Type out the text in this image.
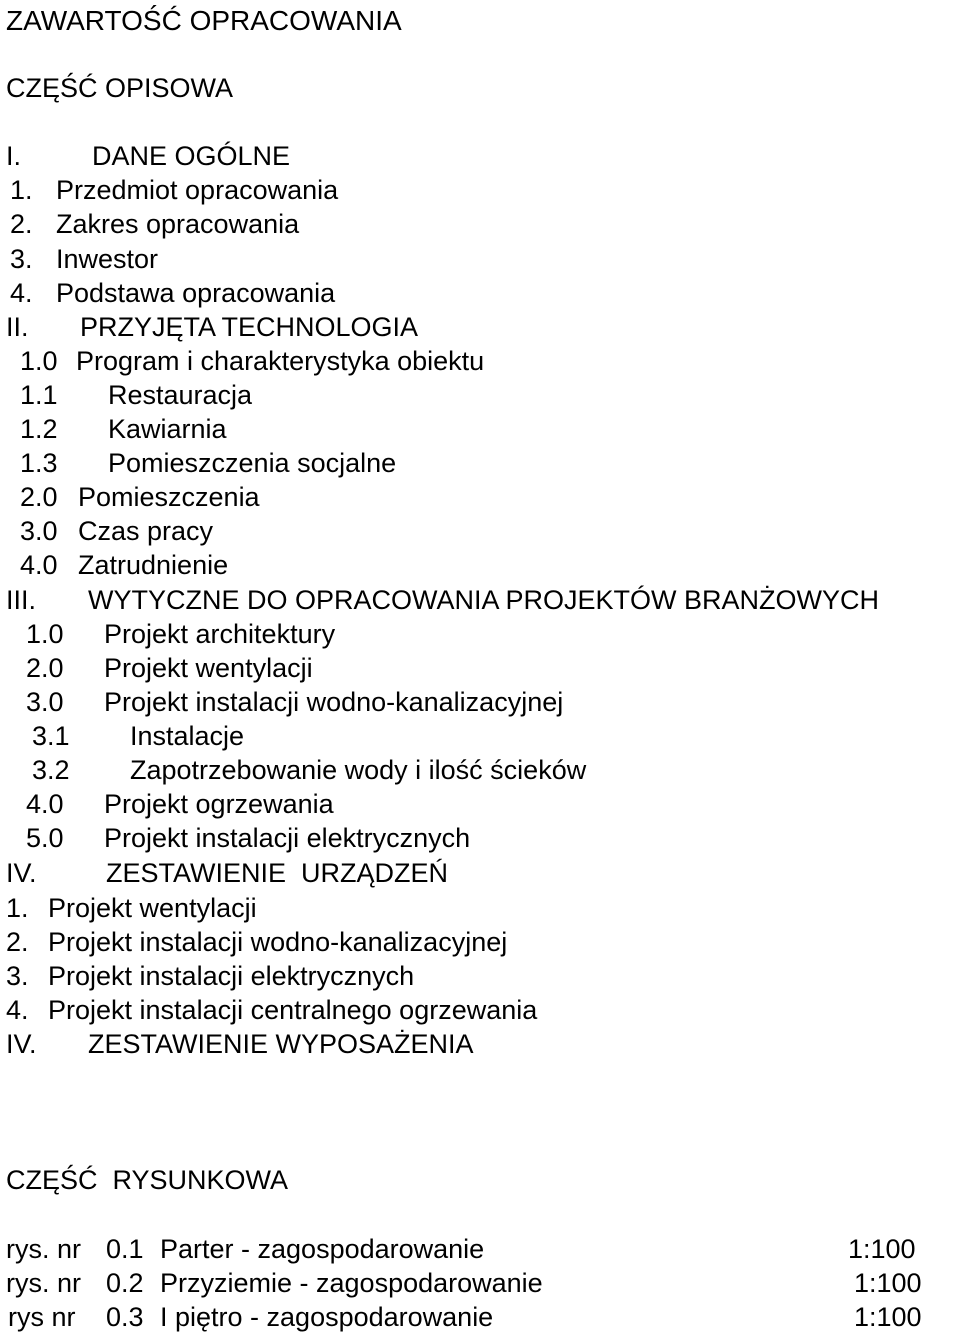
ZAWARTOŚĆ OPRACOWANIA
CZĘŚĆ OPISOWA
I.	DANE OGÓLNE
1. Przedmiot opracowania
2. Zakres opracowania
3. Inwestor
4. Podstawa opracowania
II. PRZYJĘTA TECHNOLOGIA
1.0 Program i charakterystyka obiektu
1.1 Restauracja
1.2 Kawiarnia
1.3 Pomieszczenia socjalne
2.0 Pomieszczenia
3.0 Czas pracy
4.0 Zatrudnienie
III. WYTYCZNE DO OPRACOWANIA PROJEKTÓW BRANŻOWYCH
1.0 Projekt architektury
2.0 Projekt wentylacji
3.0 Projekt instalacji wodno-kanalizacyjnej
3.1 Instalacje
3.2 Zapotrzebowanie wody i ilość ścieków
4.0 Projekt ogrzewania
5.0 Projekt instalacji elektrycznych
IV.	ZESTAWIENIE  URZĄDZEŃ
1. Projekt wentylacji
2. Projekt instalacji wodno-kanalizacyjnej
3. Projekt instalacji elektrycznych
4. Projekt instalacji centralnego ogrzewania
IV. ZESTAWIENIE WYPOSAŻENIA
CZĘŚĆ  RYSUNKOWA
rys. nr 0.1 Parter - zagospodarowanie	1:100
rys. nr 0.2 Przyziemie - zagospodarowanie	1:100
rys nr 0.3 I piętro - zagospodarowanie	1:100
